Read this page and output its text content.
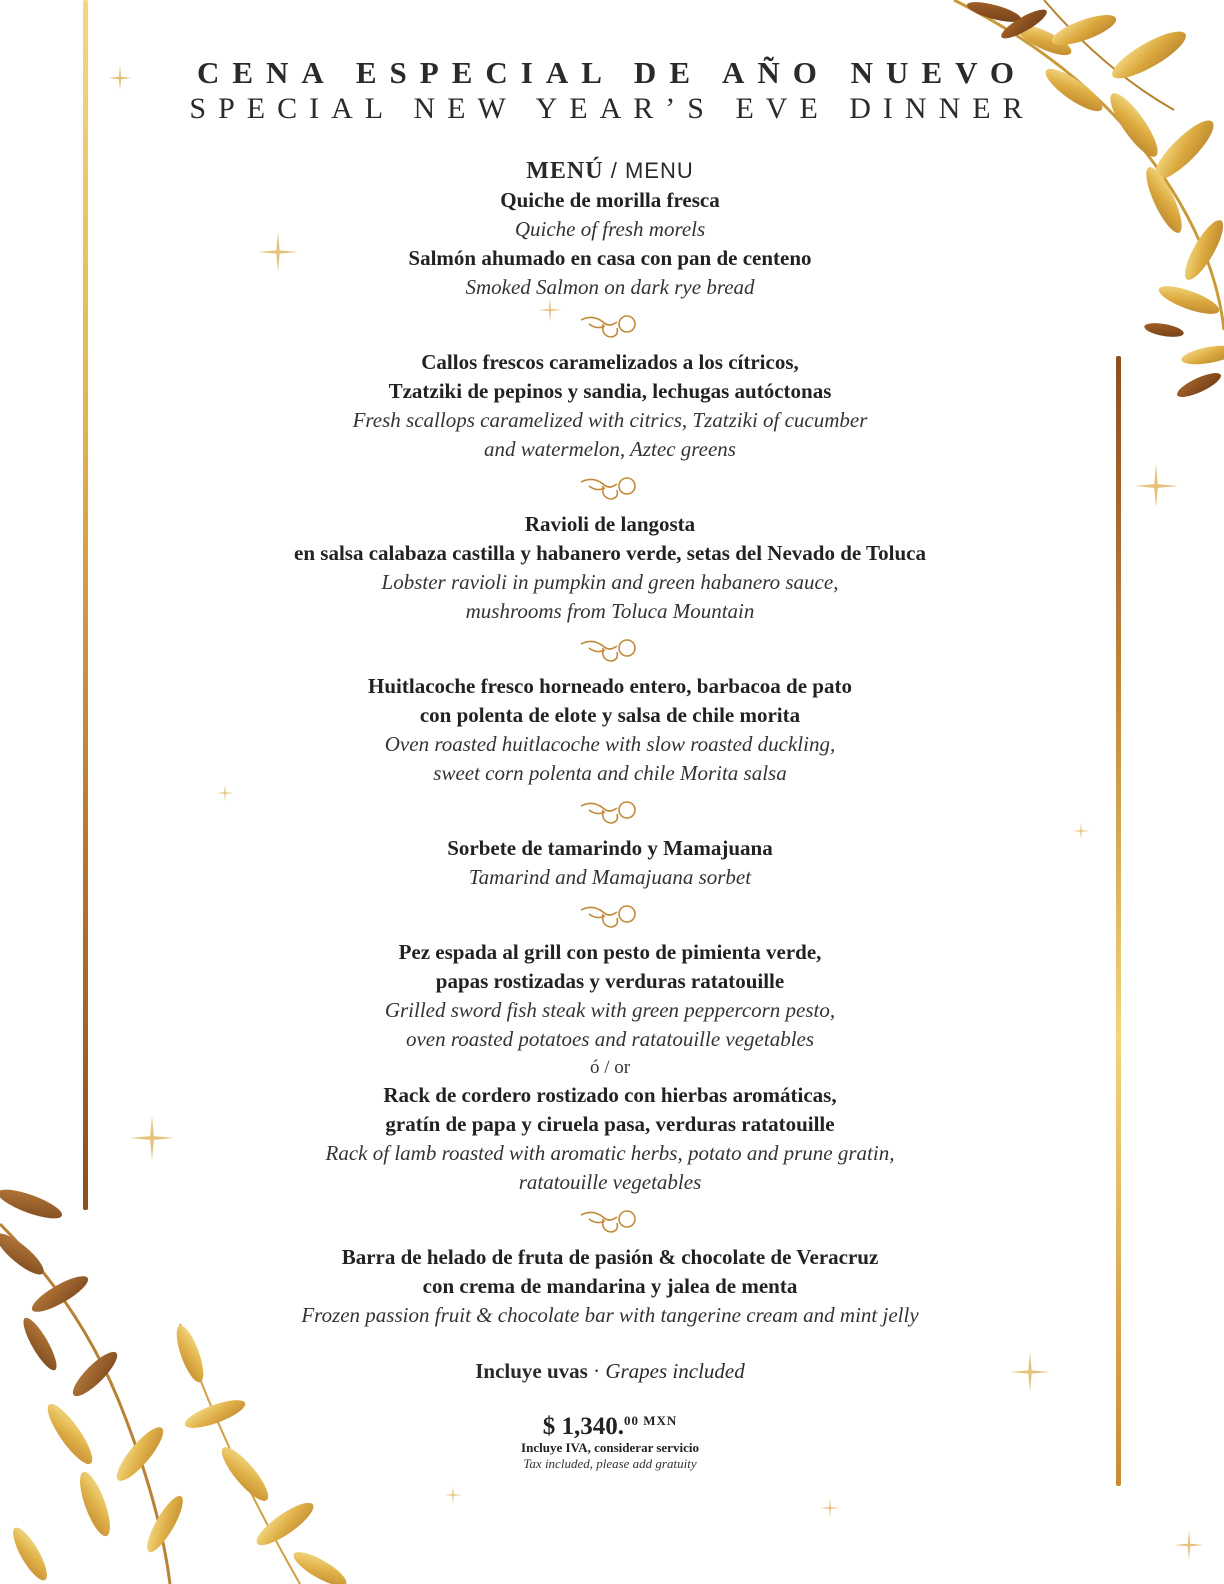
CENA ESPECIAL DE AÑO NUEVO
SPECIAL NEW YEAR’S EVE DINNER
MENÚ / MENU
Quiche de morilla fresca
Quiche of fresh morels
Salmón ahumado en casa con pan de centeno
Smoked Salmon on dark rye bread
Callos frescos caramelizados a los cítricos,
Tzatziki de pepinos y sandia, lechugas autóctonas
Fresh scallops caramelized with citrics, Tzatziki of cucumber
and watermelon, Aztec greens
Ravioli de langosta
en salsa calabaza castilla y habanero verde, setas del Nevado de Toluca
Lobster ravioli in pumpkin and green habanero sauce,
mushrooms from Toluca Mountain
Huitlacoche fresco horneado entero, barbacoa de pato
con polenta de elote y salsa de chile morita
Oven roasted huitlacoche with slow roasted duckling,
sweet corn polenta and chile Morita salsa
Sorbete de tamarindo y Mamajuana
Tamarind and Mamajuana sorbet
Pez espada al grill con pesto de pimienta verde,
papas rostizadas y verduras ratatouille
Grilled sword fish steak with green peppercorn pesto,
oven roasted potatoes and ratatouille vegetables
ó / or
Rack de cordero rostizado con hierbas aromáticas,
gratín de papa y ciruela pasa, verduras ratatouille
Rack of lamb roasted with aromatic herbs, potato and prune gratin,
ratatouille vegetables
Barra de helado de fruta de pasión & chocolate de Veracruz
con crema de mandarina y jalea de menta
Frozen passion fruit & chocolate bar with tangerine cream and mint jelly
Incluye uvas · Grapes included
$ 1,340.$^{00 MXN}$
Incluye IVA, considerar servicio
Tax included, please add gratuity
